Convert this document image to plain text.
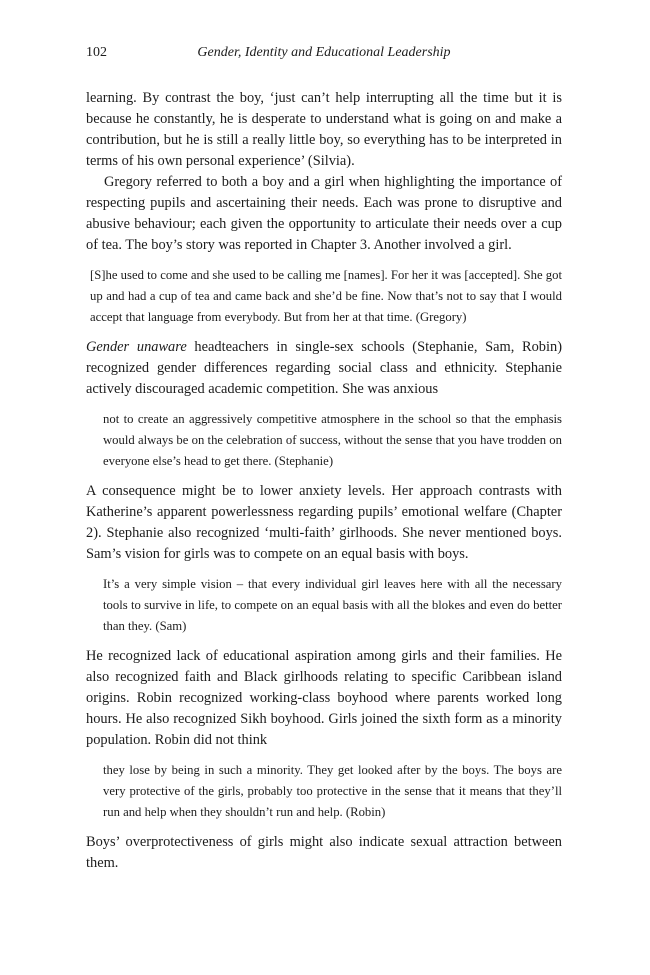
102	Gender, Identity and Educational Leadership

learning. By contrast the boy, ‘just can’t help interrupting all the time but it is because he constantly, he is desperate to understand what is going on and make a contribution, but he is still a really little boy, so everything has to be interpreted in terms of his own personal experience’ (Silvia).

Gregory referred to both a boy and a girl when highlighting the importance of respecting pupils and ascertaining their needs. Each was prone to disruptive and abusive behaviour; each given the opportunity to articulate their needs over a cup of tea. The boy’s story was reported in Chapter 3. Another involved a girl.

[S]he used to come and she used to be calling me [names]. For her it was [accepted]. She got up and had a cup of tea and came back and she’d be fine. Now that’s not to say that I would accept that language from everybody. But from her at that time. (Gregory)

Gender unaware headteachers in single-sex schools (Stephanie, Sam, Robin) recognized gender differences regarding social class and ethnicity. Stephanie actively discouraged academic competition. She was anxious

not to create an aggressively competitive atmosphere in the school so that the emphasis would always be on the celebration of success, without the sense that you have trodden on everyone else’s head to get there. (Stephanie)

A consequence might be to lower anxiety levels. Her approach contrasts with Katherine’s apparent powerlessness regarding pupils’ emotional welfare (Chapter 2). Stephanie also recognized ‘multi-faith’ girlhoods. She never mentioned boys. Sam’s vision for girls was to compete on an equal basis with boys.

It’s a very simple vision – that every individual girl leaves here with all the necessary tools to survive in life, to compete on an equal basis with all the blokes and even do better than they. (Sam)

He recognized lack of educational aspiration among girls and their families. He also recognized faith and Black girlhoods relating to specific Caribbean island origins. Robin recognized working-class boyhood where parents worked long hours. He also recognized Sikh boyhood. Girls joined the sixth form as a minority population. Robin did not think

they lose by being in such a minority. They get looked after by the boys. The boys are very protective of the girls, probably too protective in the sense that it means that they’ll run and help when they shouldn’t run and help. (Robin)

Boys’ overprotectiveness of girls might also indicate sexual attraction between them.
